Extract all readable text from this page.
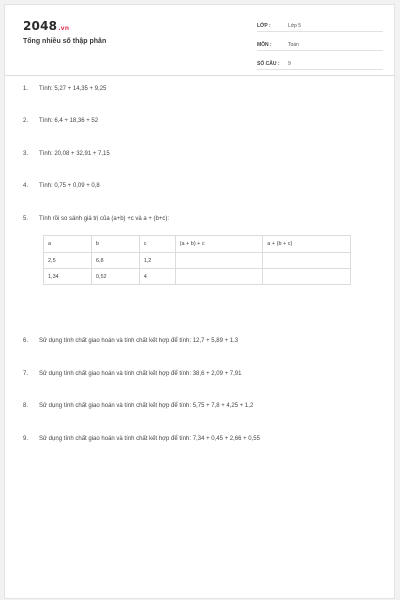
2048.vn
Tổng nhiều số thập phân
LỚP :	Lớp 5
MÔN :	Toán
SỐ CÂU : 9
1. Tính: 5,27 + 14,35 + 9,25
2. Tính: 6,4 + 18,36 + 52
3. Tính: 20,08 + 32,91 + 7,15
4. Tính: 0,75 + 0,09 + 0,8
5. Tính rồi so sánh giá trị của (a+b) +c và a + (b+c):
6. Sử dụng tính chất giao hoán và tính chất kết hợp để tính: 12,7 + 5,89 + 1,3
7. Sử dụng tính chất giao hoán và tính chất kết hợp để tính: 38,6 + 2,09 + 7,91
8. Sử dụng tính chất giao hoán và tính chất kết hợp để tính: 5,75 + 7,8 + 4,25 + 1,2
9. Sử dụng tính chất giao hoán và tính chất kết hợp để tính: 7,34 + 0,45 + 2,66 + 0,55
a	b	c	(a + b) + c	a + (b + c)
2,5	6,8	1,2		
1,34	0,52	4		
